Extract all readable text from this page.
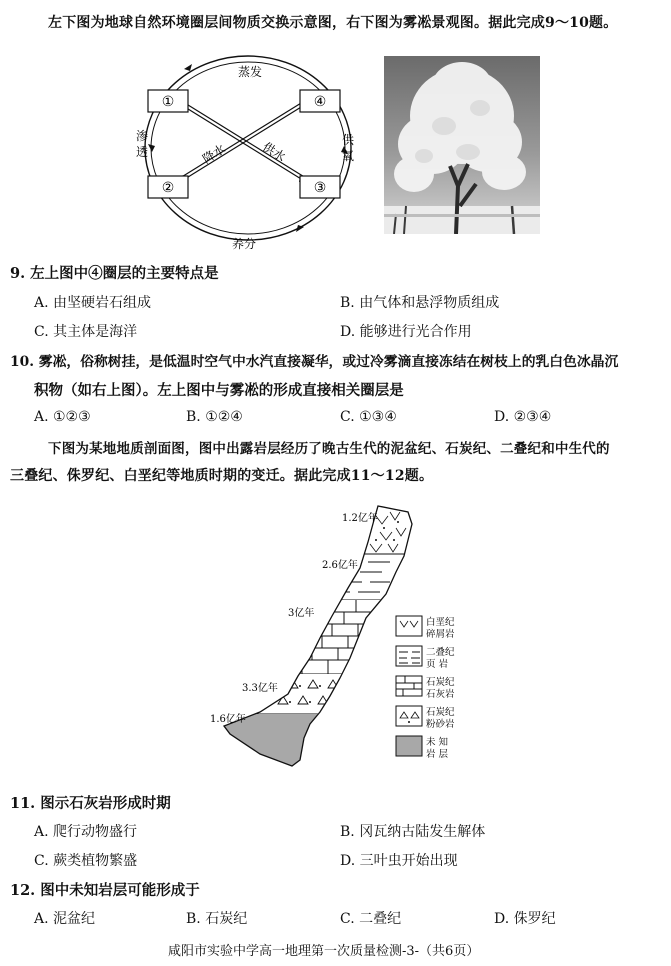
左下图为地球自然环境圈层间物质交换示意图，右下图为雾凇景观图。据此完成9～10题。
①
②	③
④
蒸发
渗
透
供
氧
养分
降水	供水
9. 左上图中④圈层的主要特点是
A. 由坚硬岩石组成	B. 由气体和悬浮物质组成
C. 其主体是海洋	D. 能够进行光合作用
10. 雾凇，俗称树挂，是低温时空气中水汽直接凝华，或过冷雾滴直接冻结在树枝上的乳白色冰晶沉
积物（如右上图）。左上图中与雾凇的形成直接相关圈层是
A. ①②③	B. ①②④	C. ①③④	D. ②③④
下图为某地地质剖面图，图中出露岩层经历了晚古生代的泥盆纪、石炭纪、二叠纪和中生代的
三叠纪、侏罗纪、白垩纪等地质时期的变迁。据此完成11～12题。
1.2亿年
2.6亿年
3亿年
3.3亿年
1.6亿年
白垩纪
碎屑岩
二叠纪
页 岩
石炭纪
石灰岩
石炭纪
粉砂岩
未 知
岩 层
11. 图示石灰岩形成时期
A. 爬行动物盛行	B. 冈瓦纳古陆发生解体
C. 蕨类植物繁盛	D. 三叶虫开始出现
12. 图中未知岩层可能形成于
A. 泥盆纪	B. 石炭纪	C. 二叠纪	D. 侏罗纪
咸阳市实验中学高一地理第一次质量检测-3-（共6页）
